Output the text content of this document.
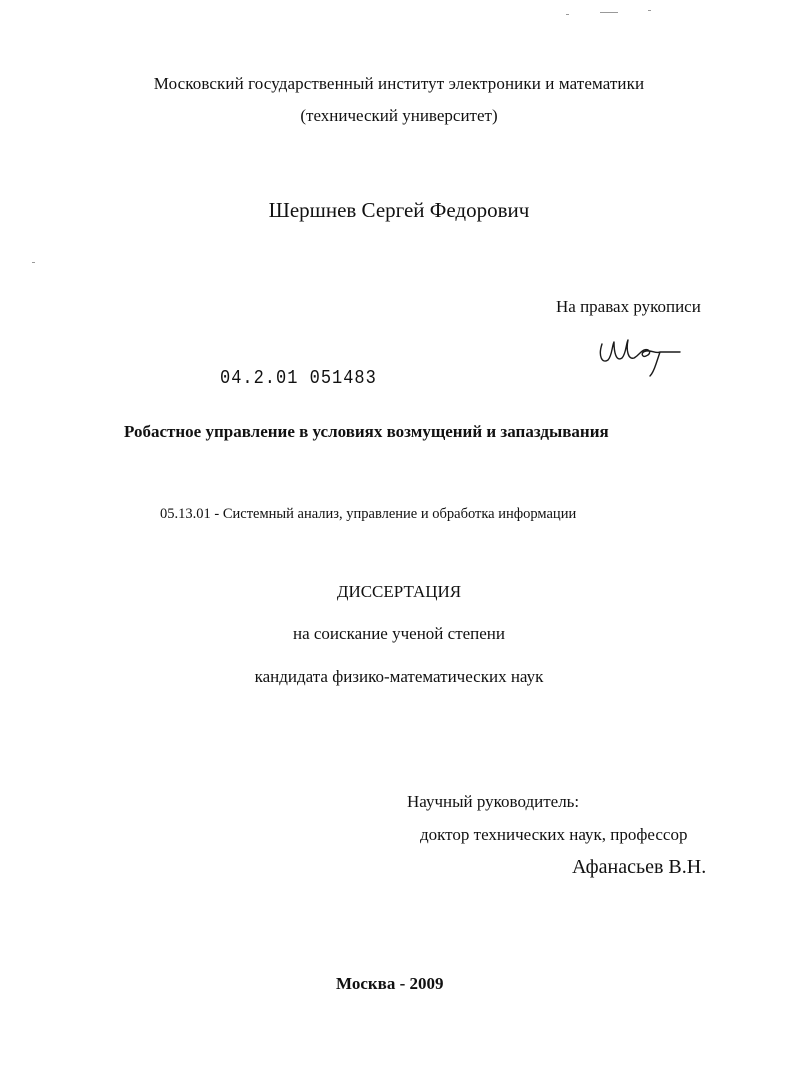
Московский государственный институт электроники и математики

(технический университет)

Шершнев Сергей Федорович

На правах рукописи

04.2.01 051483

Робастное управление в условиях возмущений и запаздывания

05.13.01 - Системный анализ, управление и обработка информации

ДИССЕРТАЦИЯ

на соискание ученой степени

кандидата физико-математических наук

Научный руководитель:

доктор технических наук, профессор

Афанасьев В.Н.

Москва - 2009
